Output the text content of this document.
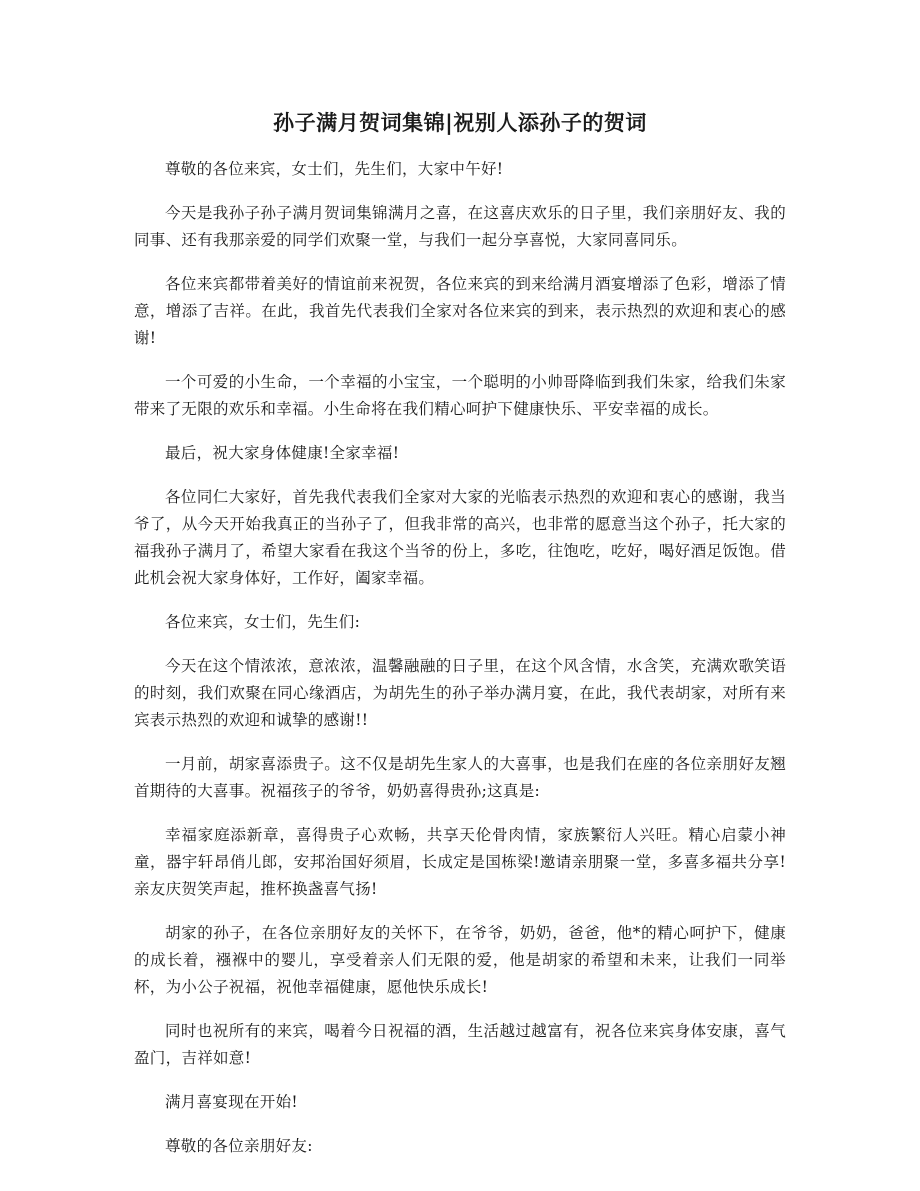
孙子满月贺词集锦|祝别人添孙子的贺词

尊敬的各位来宾，女士们，先生们，大家中午好!

今天是我孙子孙子满月贺词集锦满月之喜，在这喜庆欢乐的日子里，我们亲朋好友、我的同事、还有我那亲爱的同学们欢聚一堂，与我们一起分享喜悦，大家同喜同乐。

各位来宾都带着美好的情谊前来祝贺，各位来宾的到来给满月酒宴增添了色彩，增添了情意，增添了吉祥。在此，我首先代表我们全家对各位来宾的到来，表示热烈的欢迎和衷心的感谢!

一个可爱的小生命，一个幸福的小宝宝，一个聪明的小帅哥降临到我们朱家，给我们朱家带来了无限的欢乐和幸福。小生命将在我们精心呵护下健康快乐、平安幸福的成长。

最后，祝大家身体健康!全家幸福!

各位同仁大家好，首先我代表我们全家对大家的光临表示热烈的欢迎和衷心的感谢，我当爷了，从今天开始我真正的当孙子了，但我非常的高兴，也非常的愿意当这个孙子，托大家的福我孙子满月了，希望大家看在我这个当爷的份上，多吃，往饱吃，吃好，喝好酒足饭饱。借此机会祝大家身体好，工作好，阖家幸福。

各位来宾，女士们，先生们:

今天在这个情浓浓，意浓浓，温馨融融的日子里，在这个风含情，水含笑，充满欢歌笑语的时刻，我们欢聚在同心缘酒店，为胡先生的孙子举办满月宴，在此，我代表胡家，对所有来宾表示热烈的欢迎和诚挚的感谢!!

一月前，胡家喜添贵子。这不仅是胡先生家人的大喜事，也是我们在座的各位亲朋好友翘首期待的大喜事。祝福孩子的爷爷，奶奶喜得贵孙;这真是:

幸福家庭添新章，喜得贵子心欢畅，共享天伦骨肉情，家族繁衍人兴旺。精心启蒙小神童，器宇轩昂俏儿郎，安邦治国好须眉，长成定是国栋梁!邀请亲朋聚一堂，多喜多福共分享!亲友庆贺笑声起，推杯换盏喜气扬!

胡家的孙子，在各位亲朋好友的关怀下，在爷爷，奶奶，爸爸，他*的精心呵护下，健康的成长着，襁褓中的婴儿，享受着亲人们无限的爱，他是胡家的希望和未来，让我们一同举杯，为小公子祝福，祝他幸福健康，愿他快乐成长!

同时也祝所有的来宾，喝着今日祝福的酒，生活越过越富有，祝各位来宾身体安康，喜气盈门，吉祥如意!

满月喜宴现在开始!

尊敬的各位亲朋好友:
